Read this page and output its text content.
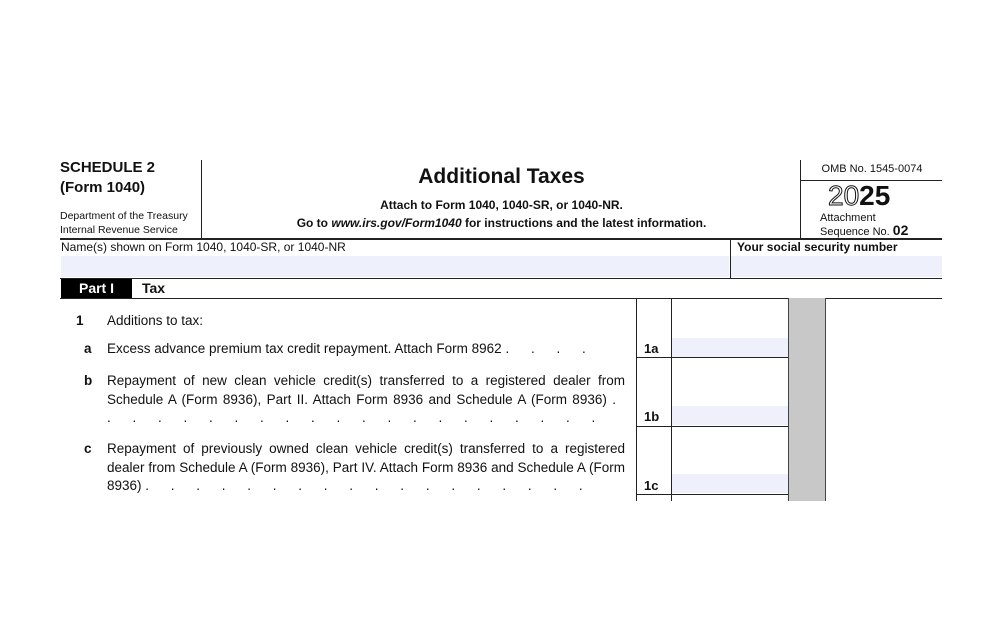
SCHEDULE 2
(Form 1040)
Department of the Treasury
Internal Revenue Service
Additional Taxes
Attach to Form 1040, 1040-SR, or 1040-NR.
Go to www.irs.gov/Form1040 for instructions and the latest information.
OMB No. 1545-0074
2025
Attachment
Sequence No. 02
Name(s) shown on Form 1040, 1040-SR, or 1040-NR	Your social security number
Part I	Tax
1 Additions to tax:
a Excess advance premium tax credit repayment. Attach Form 8962 . . . .	1a
b Repayment of new clean vehicle credit(s) transferred to a registered dealer from Schedule A (Form 8936), Part II. Attach Form 8936 and Schedule A (Form 8936) . . . . . . . . . . . . . . . . . . . . .	1b
c Repayment of previously owned clean vehicle credit(s) transferred to a registered dealer from Schedule A (Form 8936), Part IV. Attach Form 8936 and Schedule A (Form 8936) . . . . . . . . . . . . . . . . . .	1c
